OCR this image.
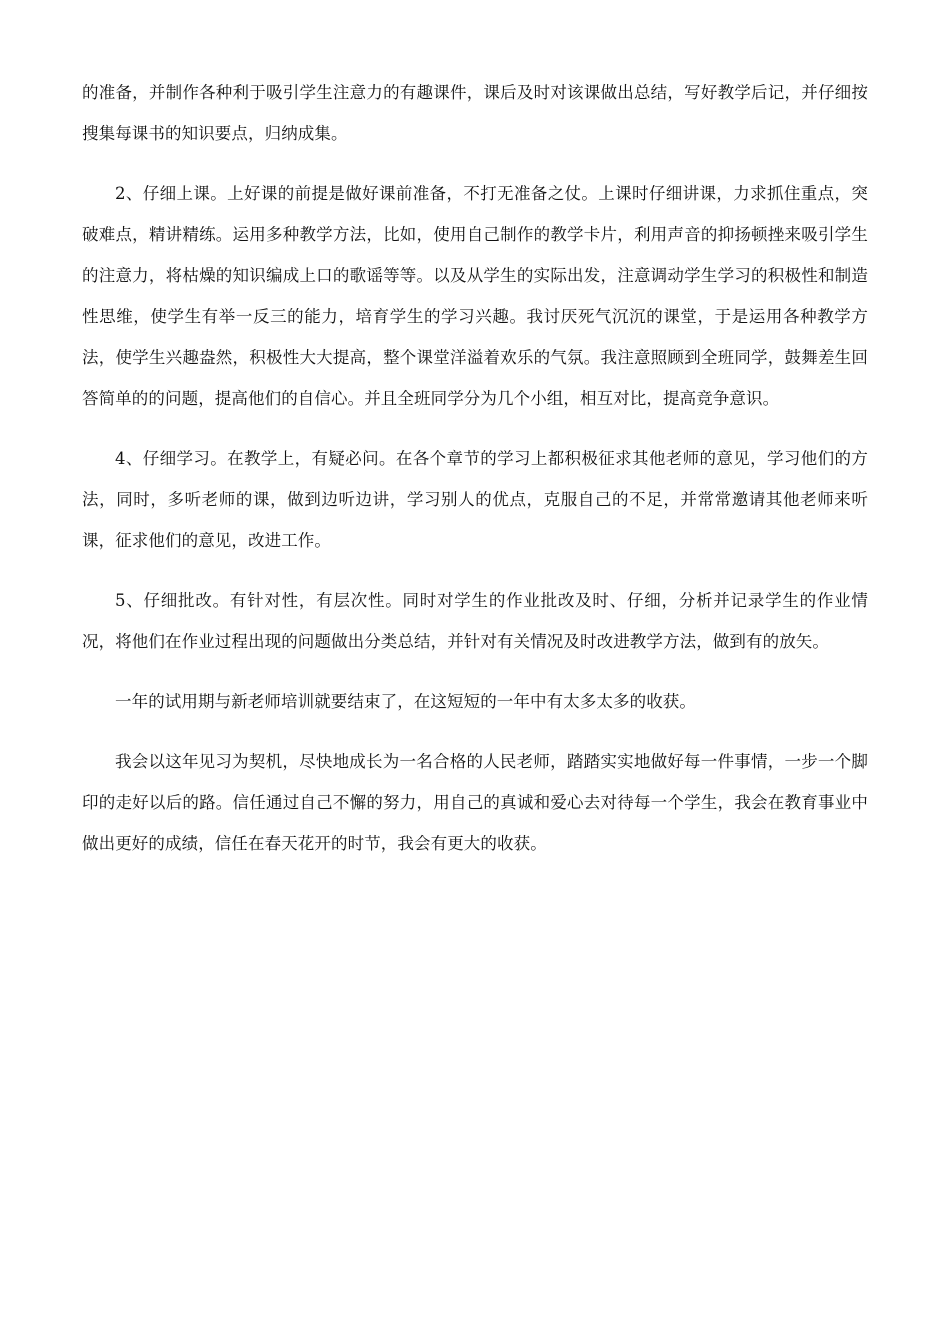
的准备，并制作各种利于吸引学生注意力的有趣课件，课后及时对该课做出总结，写好教学后记，并仔细按搜集每课书的知识要点，归纳成集。

2、仔细上课。上好课的前提是做好课前准备，不打无准备之仗。上课时仔细讲课，力求抓住重点，突破难点，精讲精练。运用多种教学方法，比如，使用自己制作的教学卡片，利用声音的抑扬顿挫来吸引学生的注意力，将枯燥的知识编成上口的歌谣等等。以及从学生的实际出发，注意调动学生学习的积极性和制造性思维，使学生有举一反三的能力，培育学生的学习兴趣。我讨厌死气沉沉的课堂，于是运用各种教学方法，使学生兴趣盎然，积极性大大提高，整个课堂洋溢着欢乐的气氛。我注意照顾到全班同学，鼓舞差生回答简单的的问题，提高他们的自信心。并且全班同学分为几个小组，相互对比，提高竞争意识。

4、仔细学习。在教学上，有疑必问。在各个章节的学习上都积极征求其他老师的意见，学习他们的方法，同时，多听老师的课，做到边听边讲，学习别人的优点，克服自己的不足，并常常邀请其他老师来听课，征求他们的意见，改进工作。

5、仔细批改。有针对性，有层次性。同时对学生的作业批改及时、仔细，分析并记录学生的作业情况，将他们在作业过程出现的问题做出分类总结，并针对有关情况及时改进教学方法，做到有的放矢。

一年的试用期与新老师培训就要结束了，在这短短的一年中有太多太多的收获。

我会以这年见习为契机，尽快地成长为一名合格的人民老师，踏踏实实地做好每一件事情，一步一个脚印的走好以后的路。信任通过自己不懈的努力，用自己的真诚和爱心去对待每一个学生，我会在教育事业中做出更好的成绩，信任在春天花开的时节，我会有更大的收获。
